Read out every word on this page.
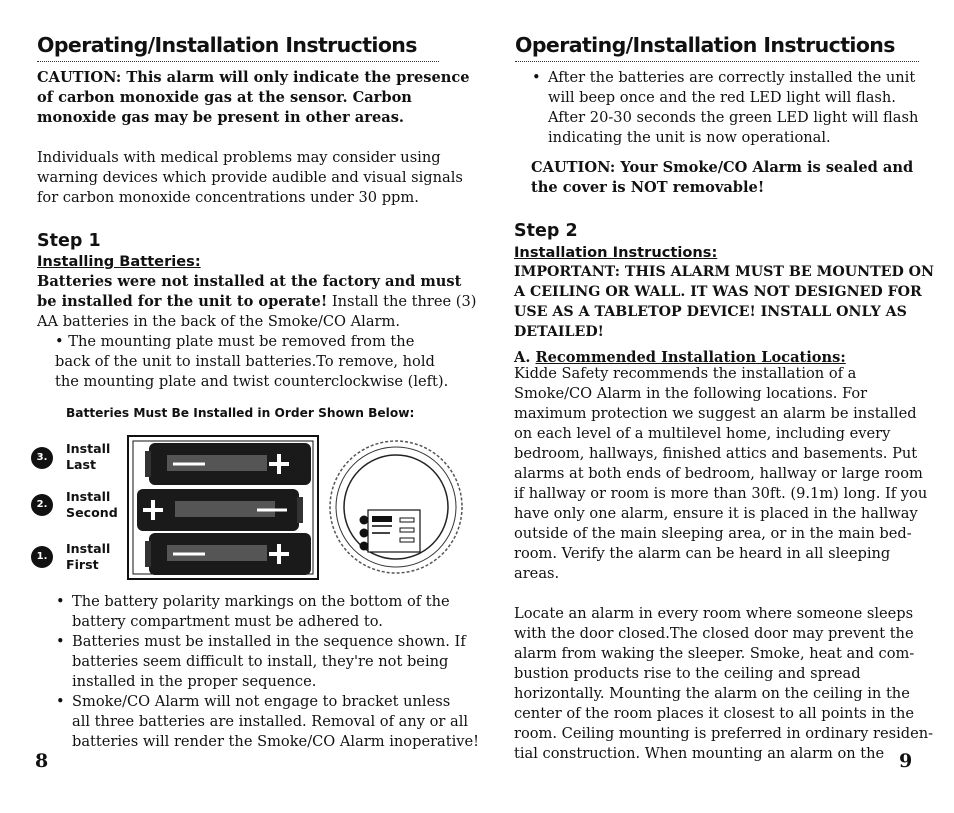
Operating/Installation Instructions
CAUTION: This alarm will only indicate the presence
of carbon monoxide gas at the sensor. Carbon
monoxide gas may be present in other areas.
Individuals with medical problems may consider using
warning devices which provide audible and visual signals
for carbon monoxide concentrations under 30 ppm.
Step 1
Installing Batteries:
Batteries were not installed at the factory and must
be installed for the unit to operate! Install the three (3)
AA batteries in the back of the Smoke/CO Alarm.
• The mounting plate must be removed from the
back of the unit to install batteries.To remove, hold
the mounting plate and twist counterclockwise (left).
Batteries Must Be Installed in Order Shown Below:
3.
Install
Last
2.
Install
Second
1.
Install
First
• The battery polarity markings on the bottom of the
battery compartment must be adhered to.
• Batteries must be installed in the sequence shown. If
batteries seem difficult to install, they're not being
installed in the proper sequence.
• Smoke/CO Alarm will not engage to bracket unless
all three batteries are installed. Removal of any or all
batteries will render the Smoke/CO Alarm inoperative!
8
Operating/Installation Instructions
• After the batteries are correctly installed the unit
will beep once and the red LED light will flash.
After 20-30 seconds the green LED light will flash
indicating the unit is now operational.
CAUTION: Your Smoke/CO Alarm is sealed and
the cover is NOT removable!
Step 2
Installation Instructions:
IMPORTANT: THIS ALARM MUST BE MOUNTED ON
A CEILING OR WALL. IT WAS NOT DESIGNED FOR
USE AS A TABLETOP DEVICE! INSTALL ONLY AS
DETAILED!
A. Recommended Installation Locations:
Kidde Safety recommends the installation of a
Smoke/CO Alarm in the following locations. For
maximum protection we suggest an alarm be installed
on each level of a multilevel home, including every
bedroom, hallways, finished attics and basements. Put
alarms at both ends of bedroom, hallway or large room
if hallway or room is more than 30ft. (9.1m) long. If you
have only one alarm, ensure it is placed in the hallway
outside of the main sleeping area, or in the main bed-
room. Verify the alarm can be heard in all sleeping
areas.
Locate an alarm in every room where someone sleeps
with the door closed.The closed door may prevent the
alarm from waking the sleeper. Smoke, heat and com-
bustion products rise to the ceiling and spread
horizontally. Mounting the alarm on the ceiling in the
center of the room places it closest to all points in the
room. Ceiling mounting is preferred in ordinary residen-
tial construction. When mounting an alarm on the 9
